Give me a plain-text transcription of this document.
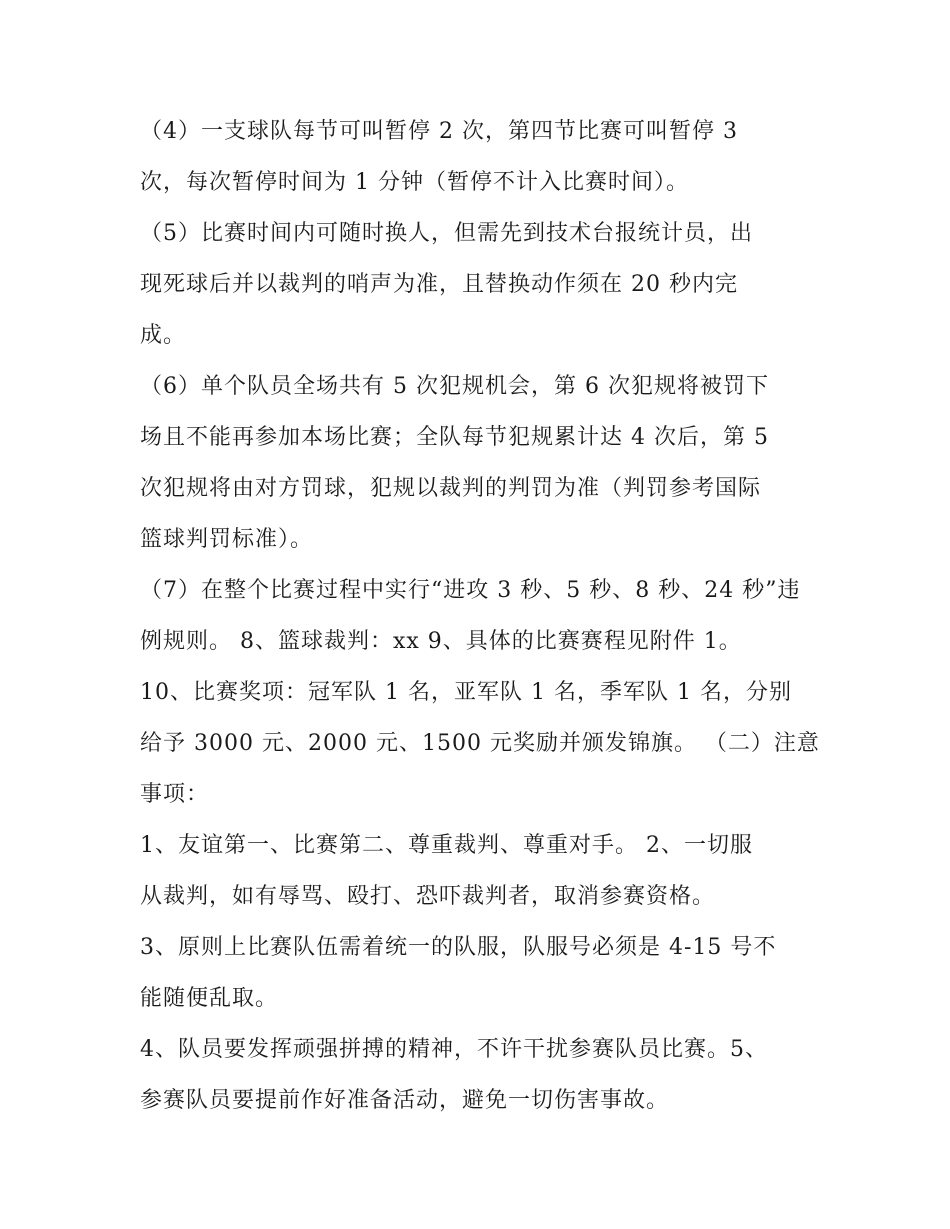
（4）一支球队每节可叫暂停 2 次，第四节比赛可叫暂停 3
次，每次暂停时间为 1 分钟（暂停不计入比赛时间）。
（5）比赛时间内可随时换人，但需先到技术台报统计员，出
现死球后并以裁判的哨声为准，且替换动作须在 20 秒内完
成。
（6）单个队员全场共有 5 次犯规机会，第 6 次犯规将被罚下
场且不能再参加本场比赛；全队每节犯规累计达 4 次后，第 5
次犯规将由对方罚球，犯规以裁判的判罚为准（判罚参考国际
篮球判罚标准）。
（7）在整个比赛过程中实行“进攻 3 秒、5 秒、8 秒、24 秒”违
例规则。 8、篮球裁判：xx 9、具体的比赛赛程见附件 1。
10、比赛奖项：冠军队 1 名，亚军队 1 名，季军队 1 名，分别
给予 3000 元、2000 元、1500 元奖励并颁发锦旗。 （二）注意
事项：
1、友谊第一、比赛第二、尊重裁判、尊重对手。 2、一切服
从裁判，如有辱骂、殴打、恐吓裁判者，取消参赛资格。
3、原则上比赛队伍需着统一的队服，队服号必须是 4-15 号不
能随便乱取。
4、队员要发挥顽强拼搏的精神，不许干扰参赛队员比赛。5、
参赛队员要提前作好准备活动，避免一切伤害事故。
